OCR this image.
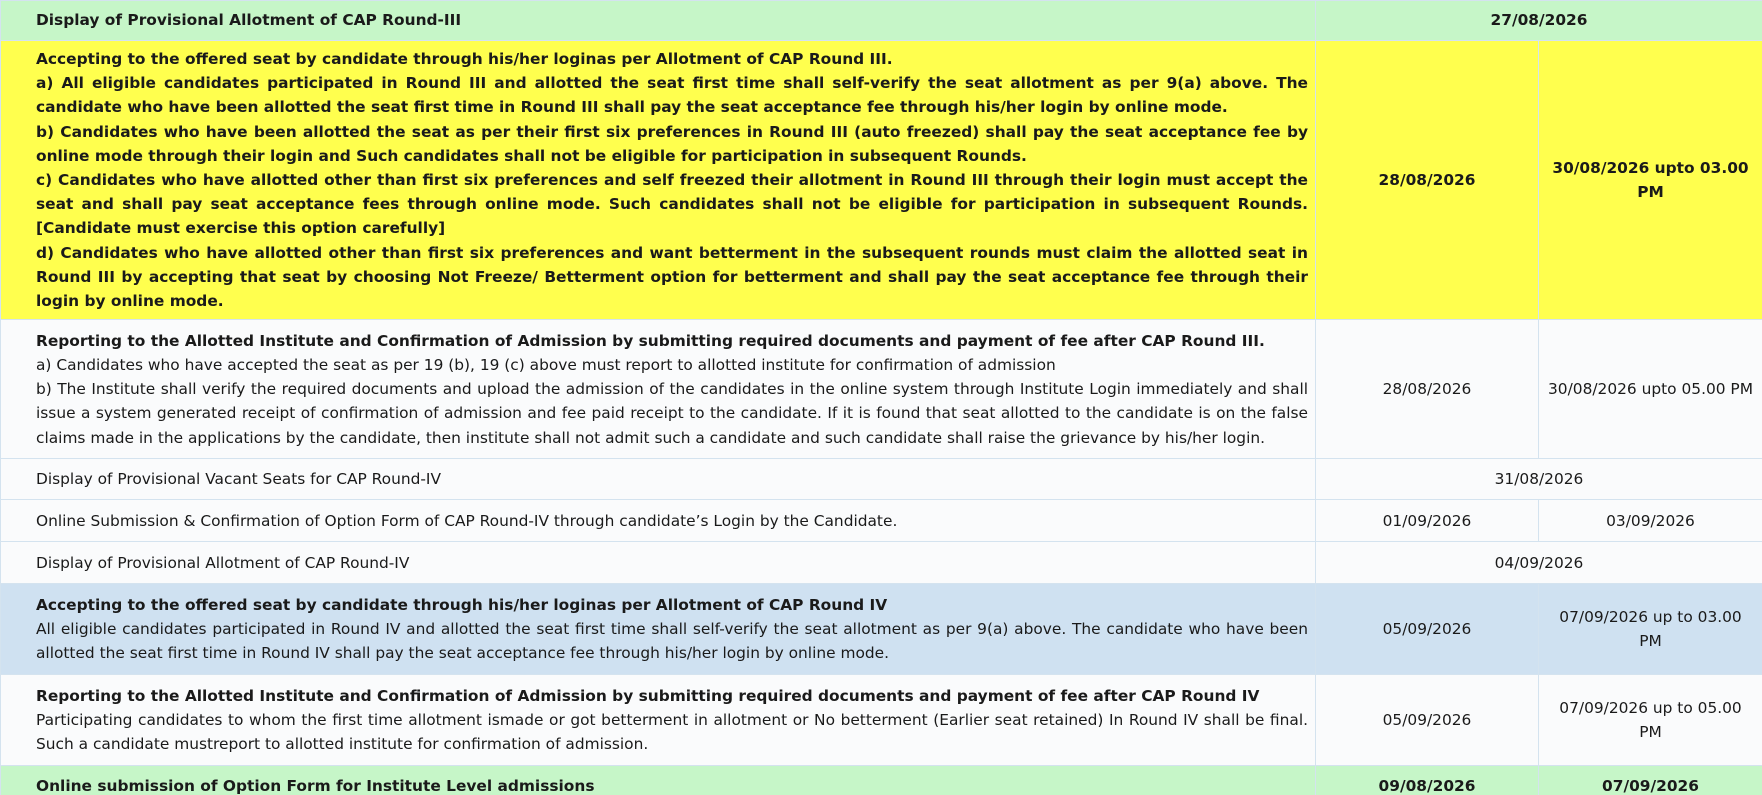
Display of Provisional Allotment of CAP Round-III	27/08/2026	

Accepting to the offered seat by candidate through his/her loginas per Allotment of CAP Round III.
a) All eligible candidates participated in Round III and allotted the seat first time shall self-verify the seat allotment as per 9(a) above. The candidate who have been allotted the seat first time in Round III shall pay the seat acceptance fee through his/her login by online mode.
b) Candidates who have been allotted the seat as per their first six preferences in Round III (auto freezed) shall pay the seat acceptance fee by online mode through their login and Such candidates shall not be eligible for participation in subsequent Rounds.
c) Candidates who have allotted other than first six preferences and self freezed their allotment in Round III through their login must accept the seat and shall pay seat acceptance fees through online mode. Such candidates shall not be eligible for participation in subsequent Rounds. [Candidate must exercise this option carefully]
d) Candidates who have allotted other than first six preferences and want betterment in the subsequent rounds must claim the allotted seat in Round III by accepting that seat by choosing Not Freeze/ Betterment option for betterment and shall pay the seat acceptance fee through their login by online mode.	28/08/2026	30/08/2026 upto 03.00 PM

Reporting to the Allotted Institute and Confirmation of Admission by submitting required documents and payment of fee after CAP Round III.
a) Candidates who have accepted the seat as per 19 (b), 19 (c) above must report to allotted institute for confirmation of admission
b) The Institute shall verify the required documents and upload the admission of the candidates in the online system through Institute Login immediately and shall issue a system generated receipt of confirmation of admission and fee paid receipt to the candidate. If it is found that seat allotted to the candidate is on the false claims made in the applications by the candidate, then institute shall not admit such a candidate and such candidate shall raise the grievance by his/her login.	28/08/2026	30/08/2026 upto 05.00 PM
Display of Provisional Vacant Seats for CAP Round-IV	31/08/2026	
Online Submission & Confirmation of Option Form of CAP Round-IV through candidate’s Login by the Candidate.	01/09/2026	03/09/2026
Display of Provisional Allotment of CAP Round-IV	04/09/2026	

Accepting to the offered seat by candidate through his/her loginas per Allotment of CAP Round IV
All eligible candidates participated in Round IV and allotted the seat first time shall self-verify the seat allotment as per 9(a) above. The candidate who have been allotted the seat first time in Round IV shall pay the seat acceptance fee through his/her login by online mode.	05/09/2026	07/09/2026 up to 03.00 PM

Reporting to the Allotted Institute and Confirmation of Admission by submitting required documents and payment of fee after CAP Round IV
Participating candidates to whom the first time allotment ismade or got betterment in allotment or No betterment (Earlier seat retained) In Round IV shall be final. Such a candidate mustreport to allotted institute for confirmation of admission.	05/09/2026	07/09/2026 up to 05.00 PM
Online submission of Option Form for Institute Level admissions	09/08/2026	07/09/2026
